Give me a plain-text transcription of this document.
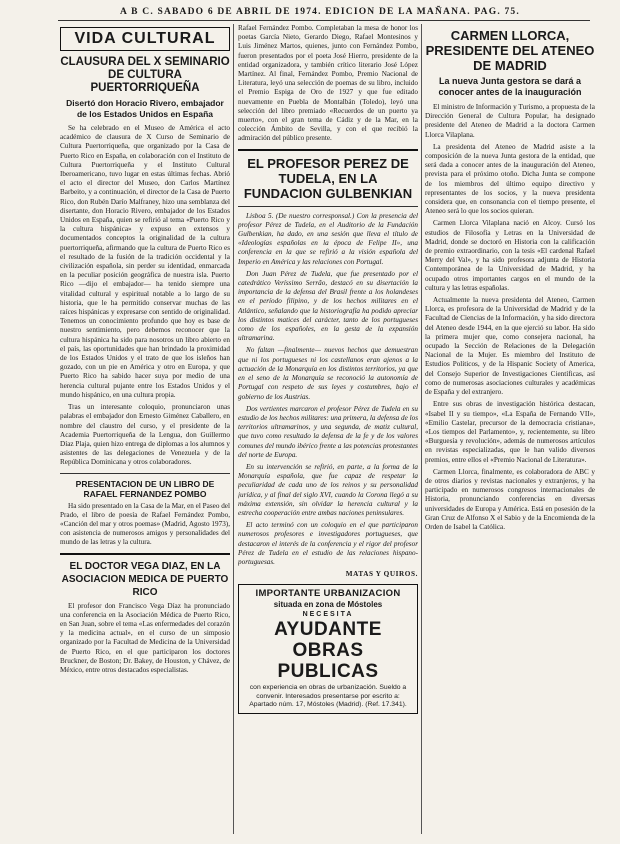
A B C. SABADO 6 DE ABRIL DE 1974. EDICION DE LA MAÑANA. PAG. 75.
VIDA CULTURAL
CLAUSURA DEL X SEMINARIO DE CULTURA PUERTORRIQUEÑA
Disertó don Horacio Rivero, embajador de los Estados Unidos en España

Se ha celebrado en el Museo de América el acto académico de clausura de X Curso de Seminario de Cultura Puertorriqueña, que organizado por la Casa de Puerto Rico en España, en colaboración con el Instituto de Cultura Puertorriqueña y el Instituto Cultural Iberoamericano, tuvo lugar en estas últimas fechas. Abrió el acto el director del Museo, don Carlos Martínez Barbeito, y a continuación, el director de la Casa de Puerto Rico, don Rubén Darío Malfraney, hizo una semblanza del disertante, don Horacio Rivero, embajador de los Estados Unidos en España, quien se refirió al tema «Puerto Rico y la cultura hispánica» y expuso en extensos y documentados conceptos la originalidad de la cultura puertorriqueña, afirmando que la cultura de Puerto Rico es el resultado de la fusión de la tradición occidental y la civilización española, sin perder su identidad, enmarcada en la peculiar posición geográfica de nuestra isla. Puerto Rico —dijo el embajador— ha tenido siempre una vitalidad cultural y espiritual notable a lo largo de su historia, que le ha permitido conservar muchas de las raíces hispánicas y expresarse con sentido de originalidad. Tenemos un conocimiento profundo que hoy es base de nuestro sentimiento, pero debemos reconocer que la cultura hispánica ha sido para nosotros un libro abierto en el país, las oportunidades que han brindado la proximidad de los Estados Unidos y el trato de que los isleños han gozado, con un pie en América y otro en Europa, y que Puerto Rico ha sabido hacer suya por medio de una herencia cultural pujante entre los Estados Unidos y el mundo hispánico, en una cultura propia.

Tras un interesante coloquio, pronunciaron unas palabras el embajador don Ernesto Giménez Caballero, en nombre del claustro del curso, y el presidente de la Academia Puertorriqueña de la Lengua, don Guillermo Díaz Plaja, quien hizo entrega de diplomas a los alumnos y asistentes de las delegaciones de Venezuela y de la República Dominicana y otros colaboradores.

PRESENTACION DE UN LIBRO DE RAFAEL FERNANDEZ POMBO

Ha sido presentado en la Casa de la Mar, en el Paseo del Prado, el libro de poesía de Rafael Fernández Pombo, «Canción del mar y otros poemas» (Madrid, Agosto 1973), con asistencia de numerosos amigos y personalidades del mundo de las letras y la cultura.

EL DOCTOR VEGA DIAZ, EN LA ASOCIACION MEDICA DE PUERTO RICO

El profesor don Francisco Vega Díaz ha pronunciado una conferencia en la Asociación Médica de Puerto Rico, en San Juan, sobre el tema «Las enfermedades del corazón y la medicina actual», en el curso de un simposio organizado por la Facultad de Medicina de la Universidad de Puerto Rico, en el que participaron los doctores Bruckner, de Boston; Dr. Bakey, de Houston, y Chávez, de México, entre otros destacados especialistas.

Rafael Fernández Pombo. Completaban la mesa de honor los poetas García Nieto, Gerardo Diego, Rafael Montesinos y Luis Jiménez Martos, quienes, junto con Fernández Pombo, fueron presentados por el poeta José Hierro, presidente de la entidad organizadora, y también crítico literario José López Martínez. Al final, Fernández Pombo, Premio Nacional de Literatura, leyó una selección de poemas de su libro, incluido el Premio Espiga de Oro de 1927 y que fue editado nuevamente en Puebla de Montalbán (Toledo), leyó una selección del libro premiado «Recuerdos de un puerto ya muerto», con el gran tema de Cádiz y de la Mar, en la colección Ámbito de Sevilla, y con el que recibió la admiración del público presente.

EL PROFESOR PEREZ DE TUDELA, EN LA FUNDACION GULBENKIAN

Lisboa 5. (De nuestro corresponsal.) Con la presencia del profesor Pérez de Tudela, en el Auditorio de la Fundación Gulbenkian, ha dado, en una sesión que lleva el título de «Ideologías españolas en la época de Felipe II», una conferencia en la que se refirió a la visión española del Imperio en América y las relaciones con Portugal.

Don Juan Pérez de Tudela, que fue presentado por el catedrático Veríssimo Serrão, destacó en su disertación la importancia de la defensa del Brasil frente a los holandeses en el período filipino, y de los hechos militares en el Atlántico, señalando que la historiografía ha podido apreciar los distintos matices del carácter, tanto de los portugueses como de los españoles, en la gesta de la expansión ultramarina.

No faltan —finalmente— nuevos hechos que demuestran que ni los portugueses ni los castellanos eran ajenos a la actuación de la Monarquía en los distintos territorios, ya que en el seno de la Monarquía se reconoció la autonomía de Portugal con respeto de sus leyes y costumbres, bajo el gobierno de los Austrias.

Dos vertientes marcaron el profesor Pérez de Tudela en su estudio de los hechos militares: una primera, la defensa de los territorios ultramarinos, y una segunda, de matiz cultural, que tuvo como resultado la defensa de la fe y de los valores comunes del mundo ibérico frente a las potencias protestantes del norte de Europa.

En su intervención se refirió, en parte, a la forma de la Monarquía española, que fue capaz de respetar la peculiaridad de cada uno de los reinos y su personalidad jurídica, y al final del siglo XVI, cuando la Corona llegó a su máxima extensión, sin olvidar la herencia cultural y la estrecha cooperación entre ambas naciones peninsulares.

El acto terminó con un coloquio en el que participaron numerosos profesores e investigadores portugueses, que destacaron el interés de la conferencia y el rigor del profesor Pérez de Tudela en el estudio de las relaciones hispano-portuguesas.

MATAS Y QUIROS.
IMPORTANTE URBANIZACION
situada en zona de Móstoles
NECESITA
AYUDANTE OBRAS PUBLICAS
con experiencia en obras de urbanización. Sueldo a convenir. Interesados presentarse por escrito a: Apartado núm. 17, Móstoles (Madrid). (Ref. 17.341).
CARMEN LLORCA, PRESIDENTE DEL ATENEO DE MADRID
La nueva Junta gestora se dará a conocer antes de la inauguración

El ministro de Información y Turismo, a propuesta de la Dirección General de Cultura Popular, ha designado presidente del Ateneo de Madrid a la doctora Carmen Llorca Vilaplana.

La presidenta del Ateneo de Madrid asiste a la composición de la nueva Junta gestora de la entidad, que será dada a conocer antes de la inauguración del Ateneo, prevista para el próximo otoño. Dicha Junta se compone de los miembros del último equipo directivo y representantes de los socios, y la nueva presidenta considera que, en consonancia con el tiempo presente, el Ateneo será lo que los socios quieran.

Carmen Llorca Vilaplana nació en Alcoy. Cursó los estudios de Filosofía y Letras en la Universidad de Madrid, donde se doctoró en Historia con la calificación de premio extraordinario, con la tesis «El cardenal Rafael Merry del Val», y ha sido profesora adjunta de Historia Contemporánea de la Universidad de Madrid, y ha ocupado otros importantes cargos en el mundo de la cultura y las letras españolas.

Actualmente la nueva presidenta del Ateneo, Carmen Llorca, es profesora de la Universidad de Madrid y de la Facultad de Ciencias de la Información, y ha sido directora del Ateneo desde 1944, en la que ejerció su labor. Ha sido la primera mujer que, como consejera nacional, ha ocupado la Sección de Relaciones de la Delegación Nacional de la Mujer. Es miembro del Instituto de Estudios Políticos, y de la Hispanic Society of America, del Consejo Superior de Investigaciones Científicas, así como de numerosas asociaciones culturales y académicas de España y del extranjero.

Entre sus obras de investigación histórica destacan, «Isabel II y su tiempo», «La España de Fernando VII», «Emilio Castelar, precursor de la democracia cristiana», «Los tiempos del Parlamento», y, recientemente, su libro «Burguesía y revolución», además de numerosos artículos en revistas especializadas, que le han valido diversos premios, entre ellos el «Premio Nacional de Literatura».

Carmen Llorca, finalmente, es colaboradora de ABC y de otros diarios y revistas nacionales y extranjeros, y ha participado en numerosos congresos internacionales de Historia, pronunciando conferencias en diversas universidades de Europa y América. Está en posesión de la Gran Cruz de Alfonso X el Sabio y de la Encomienda de la Orden de Isabel la Católica.
